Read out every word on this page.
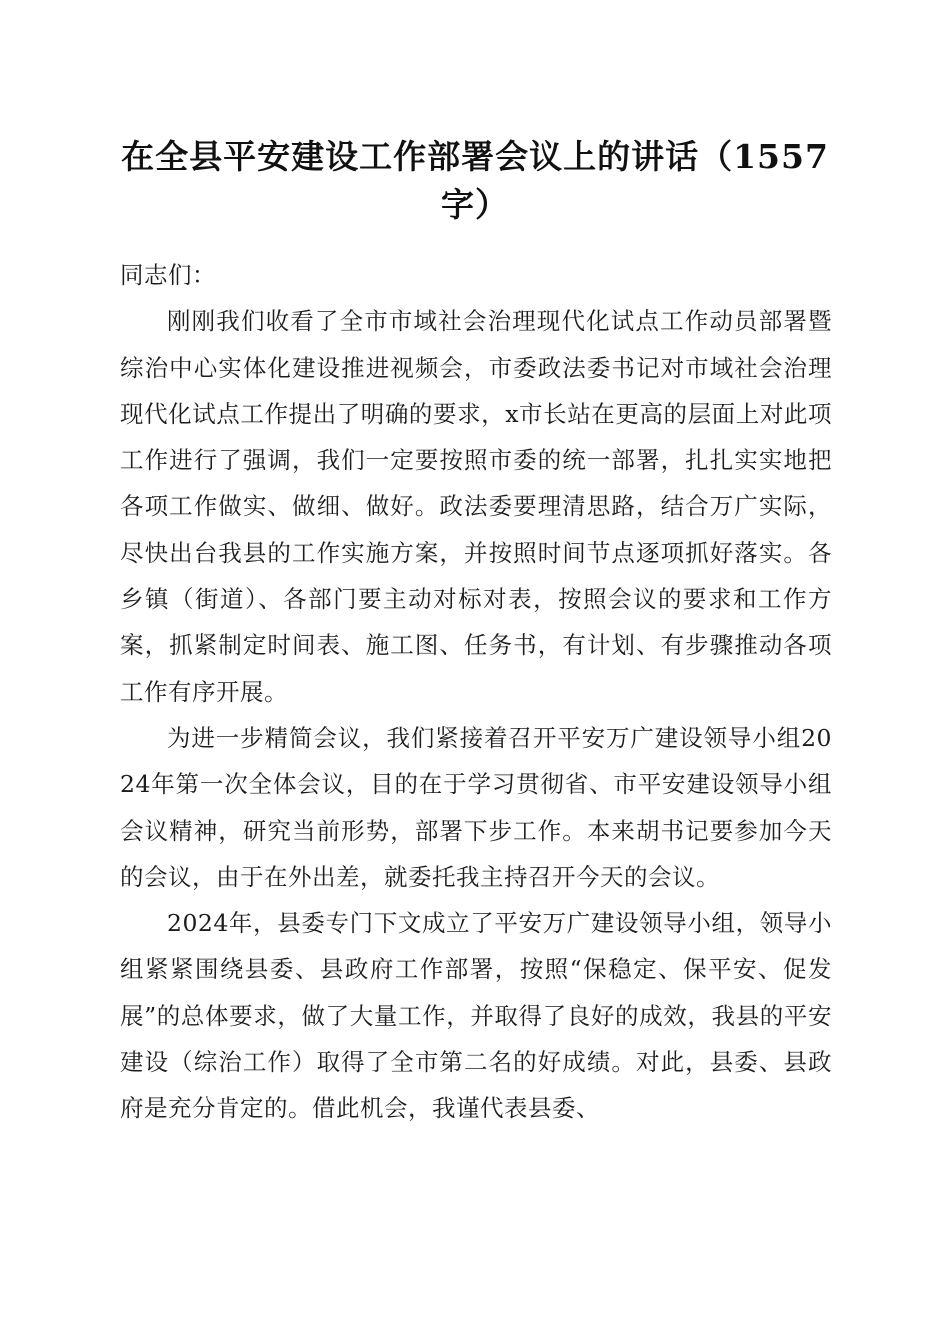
在全县平安建设工作部署会议上的讲话（1557字）

同志们：

刚刚我们收看了全市市域社会治理现代化试点工作动员部署暨综治中心实体化建设推进视频会，市委政法委书记对市域社会治理现代化试点工作提出了明确的要求，x市长站在更高的层面上对此项工作进行了强调，我们一定要按照市委的统一部署，扎扎实实地把各项工作做实、做细、做好。政法委要理清思路，结合万广实际，尽快出台我县的工作实施方案，并按照时间节点逐项抓好落实。各乡镇（街道）、各部门要主动对标对表，按照会议的要求和工作方案，抓紧制定时间表、施工图、任务书，有计划、有步骤推动各项工作有序开展。

为进一步精简会议，我们紧接着召开平安万广建设领导小组2024年第一次全体会议，目的在于学习贯彻省、市平安建设领导小组会议精神，研究当前形势，部署下步工作。本来胡书记要参加今天的会议，由于在外出差，就委托我主持召开今天的会议。

2024年，县委专门下文成立了平安万广建设领导小组，领导小组紧紧围绕县委、县政府工作部署，按照“保稳定、保平安、促发展”的总体要求，做了大量工作，并取得了良好的成效，我县的平安建设（综治工作）取得了全市第二名的好成绩。对此，县委、县政府是充分肯定的。借此机会，我谨代表县委、
